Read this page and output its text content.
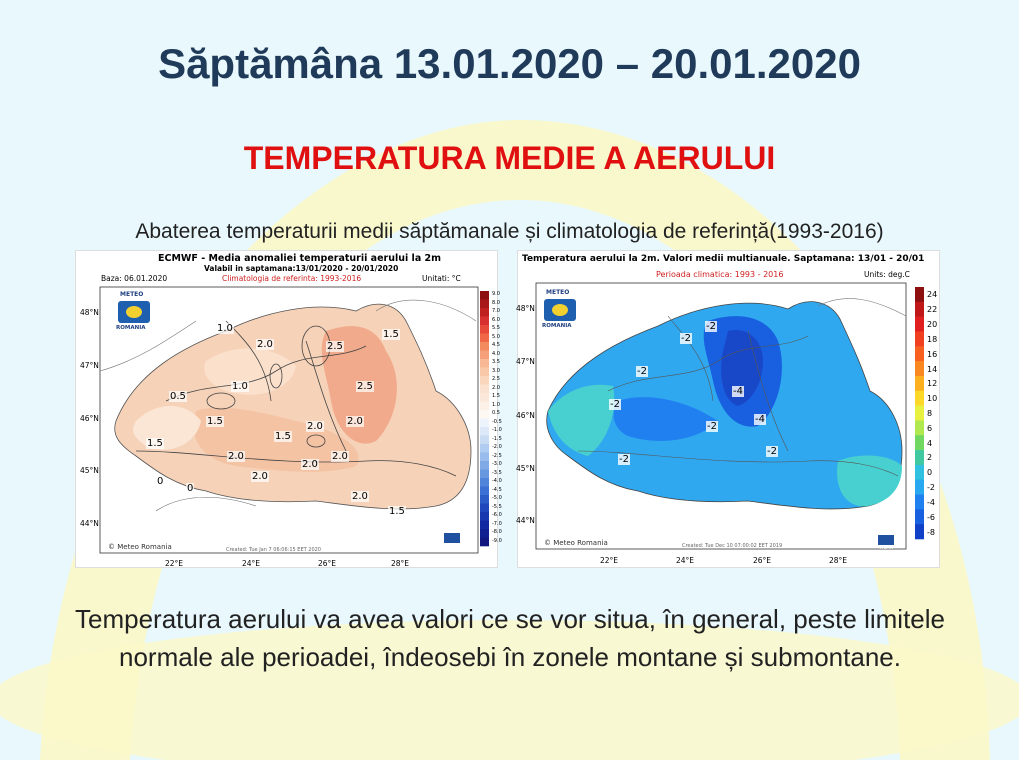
Săptămâna 13.01.2020 – 20.01.2020
TEMPERATURA MEDIE A AERULUI
Abaterea temperaturii medii săptămanale și climatologia de referință(1993-2016)
ECMWF - Media anomaliei temperaturii aerului la 2m
Valabil in saptamana:13/01/2020 - 20/01/2020
Baza: 06.01.2020	Climatologia de referinta: 1993-2016	Unitati: °C
METEO
ROMANIA
© Meteo Romania	Created: Tue Jan 7 06:06:15 EET 2020
NCAR
22°E	24°E	26°E	28°E
48°N
47°N
46°N
45°N
44°N
1.0
1.5
2.0	2.5
0.5
1.0
1.5	2.0
2.5
2.0
1.5
2.0
0
1.5
2.0
2.0
2.0
1.5
0
2.0
9.0
8.0
7.0
6.0
5.5
5.0
4.5
4.0
3.5
3.0
2.5
2.0
1.5
1.0
0.5
-0.5
-1.0
-1.5
-2.0
-2.5
-3.0
-3.5
-4.0
-4.5
-5.0
-5.5
-6.0
-7.0
-8.0
-9.0
Temperatura aerului la 2m. Valori medii multianuale. Saptamana: 13/01 - 20/01
Perioada climatica: 1993 - 2016	Units: deg.C
METEO
ROMANIA
© Meteo Romania	Created: Tue Dec 10 07:00:02 EET 2019	NCAR
22°E	24°E	26°E	28°E
48°N
47°N
46°N
45°N
44°N
-2
-2
-2
-4
-2
-4
-2
-2
-2
24
22
20
18
16
14
12
10
8
6
4
2
0
-2
-4
-6
-8
Temperatura aerului va avea valori ce se vor situa, în general, peste limitele normale ale perioadei, îndeosebi în zonele montane și submontane.
